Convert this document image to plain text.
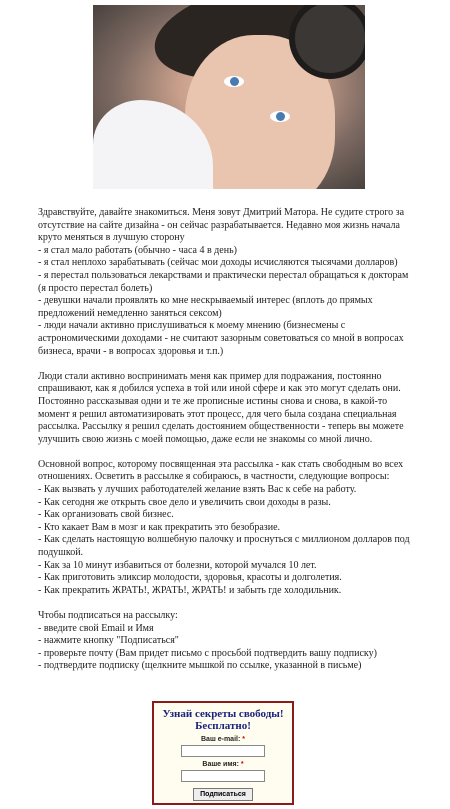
Здравствуйте, давайте знакомиться. Меня зовут Дмитрий Матора. Не судите строго за отсутствие на сайте дизайна - он сейчас разрабатывается. Недавно моя жизнь начала круто меняться в лучшую сторону
- я стал мало работать (обычно - часа 4 в день)
- я стал неплохо зарабатывать (сейчас мои доходы исчисляются тысячами долларов)
- я перестал пользоваться лекарствами и практически перестал обращаться к докторам (я просто перестал болеть)
- девушки начали проявлять ко мне нескрываемый интерес (вплоть до прямых предложений немедленно заняться сексом)
- люди начали активно прислушиваться к моему мнению (бизнесмены с астрономическими доходами - не считают зазорным советоваться со мной в вопросах бизнеса, врачи - в вопросах здоровья и т.п.)

Люди стали активно воспринимать меня как пример для подражания, постоянно спрашивают, как я добился успеха в той или иной сфере и как это могут сделать они. Постоянно рассказывая одни и те же прописные истины снова и снова, в какой-то момент я решил автоматизировать этот процесс, для чего была создана специальная рассылка. Рассылку я решил сделать достоянием общественности - теперь вы можете улучшить свою жизнь с моей помощью, даже если не знакомы со мной лично.

Основной вопрос, которому посвященная эта рассылка - как стать свободным во всех отношениях. Осветить в рассылке я собираюсь, в частности, следующие вопросы:
- Как вызвать у лучших работодателей желание взять Вас к себе на работу.
- Как сегодня же открыть свое дело и увеличить свои доходы в разы.
- Как организовать свой бизнес.
- Кто какает Вам в мозг и как прекратить это безобразие.
- Как сделать настоящую волшебную палочку и проснуться с миллионом долларов под подушкой.
- Как за 10 минут избавиться от болезни, которой мучался 10 лет.
- Как приготовить эликсир молодости, здоровья, красоты и долголетия.
- Как прекратить ЖРАТЬ!, ЖРАТЬ!, ЖРАТЬ! и забыть где холодильник.

Чтобы подписаться на рассылку:
- введите свой Email и Имя
- нажмите кнопку "Подписаться"
- проверьте почту (Вам придет письмо с просьбой подтвердить вашу подписку)
- подтвердите подписку (щелкните мышкой по ссылке, указанной в письме)

Узнай секреты свободы!
Бесплатно!
Ваш e-mail: *
Ваше имя: *
Подписаться
